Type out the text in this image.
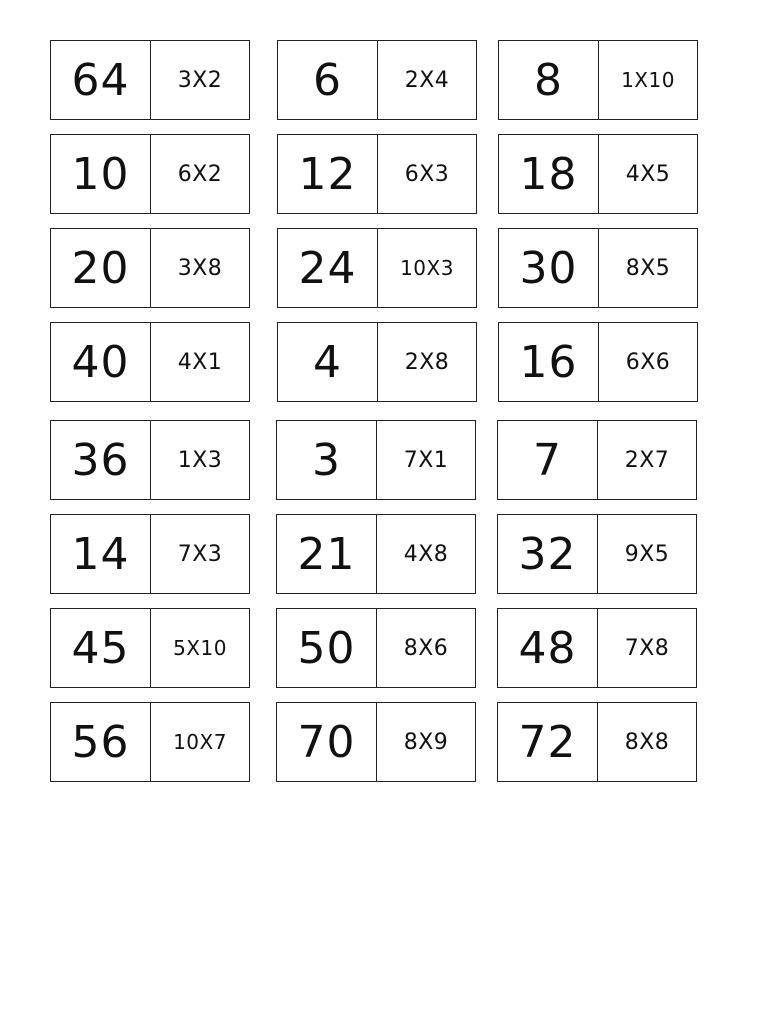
64	3X2	6	2X4	8	1X10
10	6X2	12	6X3	18	4X5
20	3X8	24	10X3	30	8X5
40	4X1	4	2X8	16	6X6
36	1X3	3	7X1	7	2X7
14	7X3	21	4X8	32	9X5
45	5X10	50	8X6	48	7X8
56	10X7	70	8X9	72	8X8
